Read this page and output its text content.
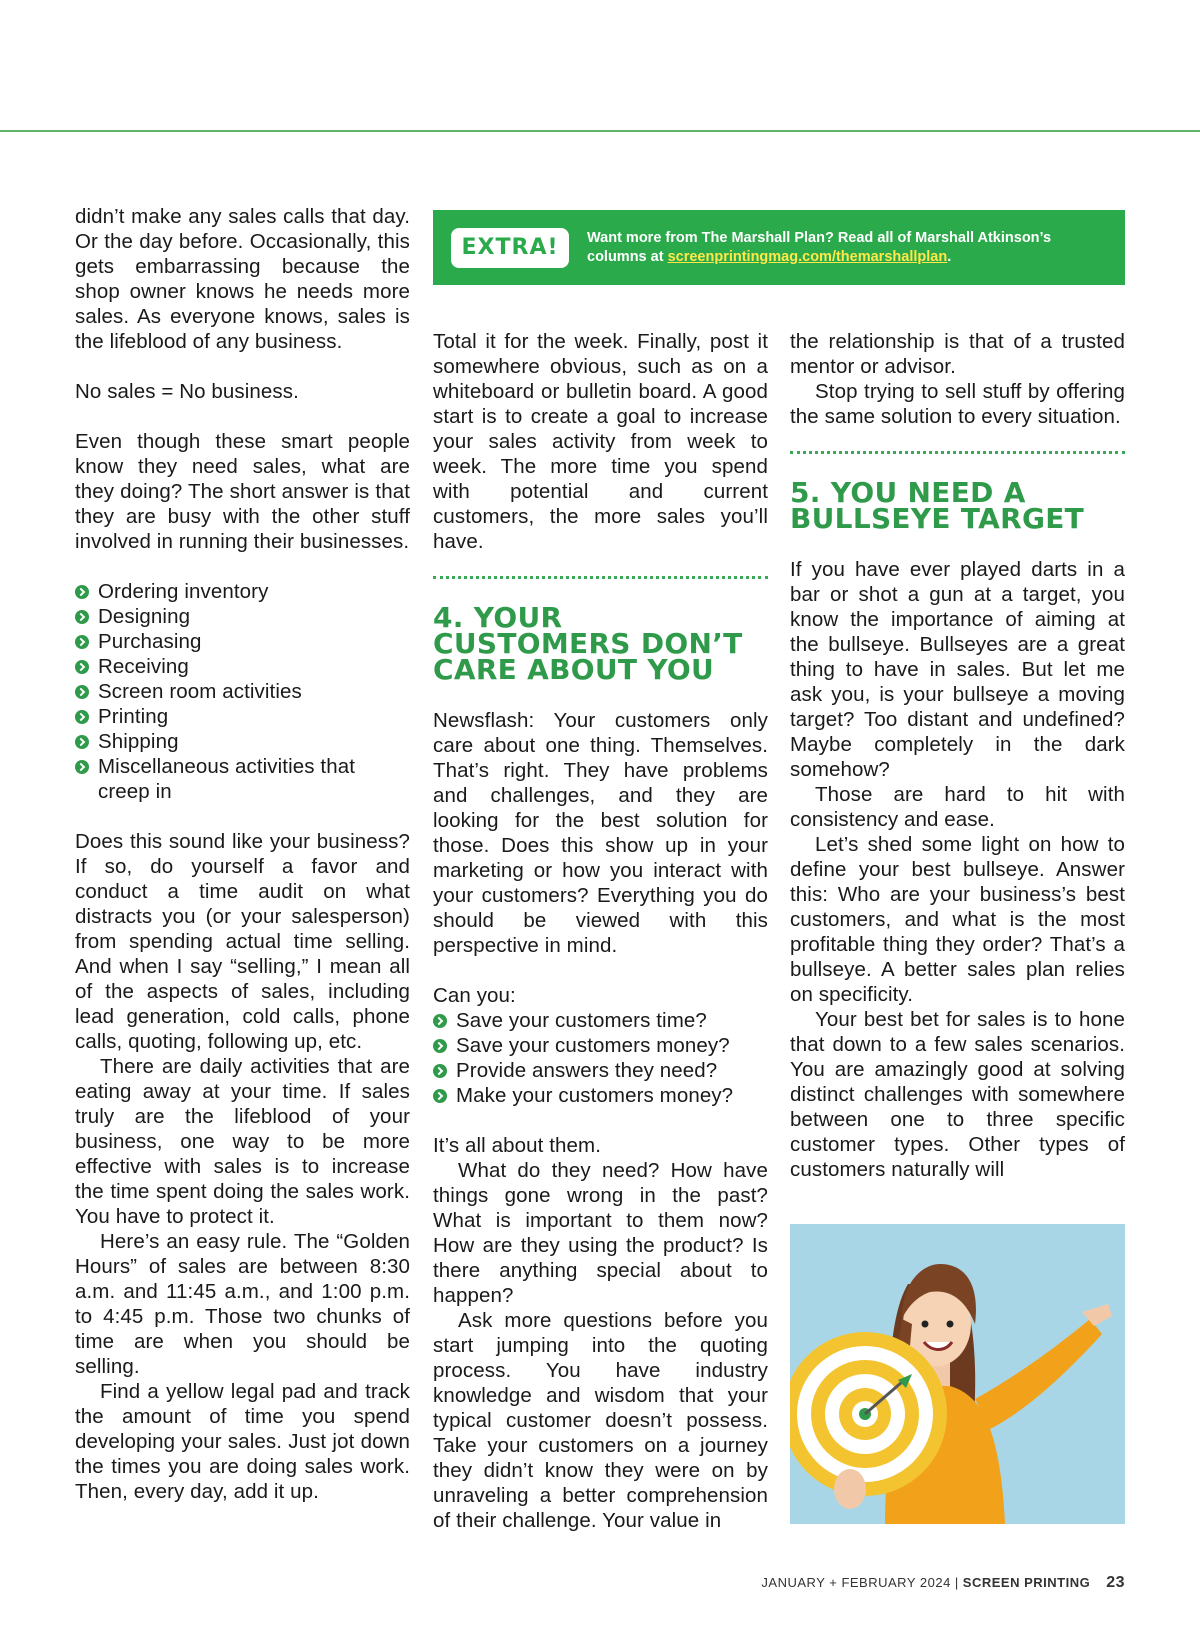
EXTRA!	Want more from The Marshall Plan? Read all of Marshall Atkinson’s
columns at screenprintingmag.com/themarshallplan.

didn’t make any sales calls that day. Or the day before. Occasionally, this gets embarrassing because the shop owner knows he needs more sales. As everyone knows, sales is the lifeblood of any business.

No sales = No business.

Even though these smart people know they need sales, what are they doing? The short answer is that they are busy with the other stuff involved in running their businesses.

Ordering inventory
Designing
Purchasing
Receiving
Screen room activities
Printing
Shipping
Miscellaneous activities that creep in

Does this sound like your business? If so, do yourself a favor and conduct a time audit on what distracts you (or your salesperson) from spending actual time selling. And when I say “selling,” I mean all of the aspects of sales, including lead generation, cold calls, phone calls, quoting, following up, etc.

There are daily activities that are eating away at your time. If sales truly are the lifeblood of your business, one way to be more effective with sales is to increase the time spent doing the sales work. You have to protect it.

Here’s an easy rule. The “Golden Hours” of sales are between 8:30 a.m. and 11:45 a.m., and 1:00 p.m. to 4:45 p.m. Those two chunks of time are when you should be selling.

Find a yellow legal pad and track the amount of time you spend developing your sales. Just jot down the times you are doing sales work. Then, every day, add it up.

Total it for the week. Finally, post it somewhere obvious, such as on a whiteboard or bulletin board. A good start is to create a goal to increase your sales activity from week to week. The more time you spend with potential and current customers, the more sales you’ll have.

4. YOUR CUSTOMERS DON’T CARE ABOUT YOU

Newsflash: Your customers only care about one thing. Themselves. That’s right. They have problems and challenges, and they are looking for the best solution for those. Does this show up in your marketing or how you interact with your customers? Everything you do should be viewed with this perspective in mind.

Can you:

Save your customers time?
Save your customers money?
Provide answers they need?
Make your customers money?

It’s all about them.

What do they need? How have things gone wrong in the past? What is important to them now? How are they using the product? Is there anything special about to happen?

Ask more questions before you start jumping into the quoting process. You have industry knowledge and wisdom that your typical customer doesn’t possess. Take your customers on a journey they didn’t know they were on by unraveling a better comprehension of their challenge. Your value in

the relationship is that of a trusted mentor or advisor.

Stop trying to sell stuff by offering the same solution to every situation.

5. YOU NEED A BULLSEYE TARGET

If you have ever played darts in a bar or shot a gun at a target, you know the importance of aiming at the bullseye. Bullseyes are a great thing to have in sales. But let me ask you, is your bullseye a moving target? Too distant and undefined? Maybe completely in the dark somehow?

Those are hard to hit with consistency and ease.

Let’s shed some light on how to define your best bullseye. Answer this: Who are your business’s best customers, and what is the most profitable thing they order? That’s a bullseye. A better sales plan relies on specificity.

Your best bet for sales is to hone that down to a few sales scenarios. You are amazingly good at solving distinct challenges with somewhere between one to three specific customer types. Other types of customers naturally will

JANUARY + FEBRUARY 2024 | SCREEN PRINTING 23
